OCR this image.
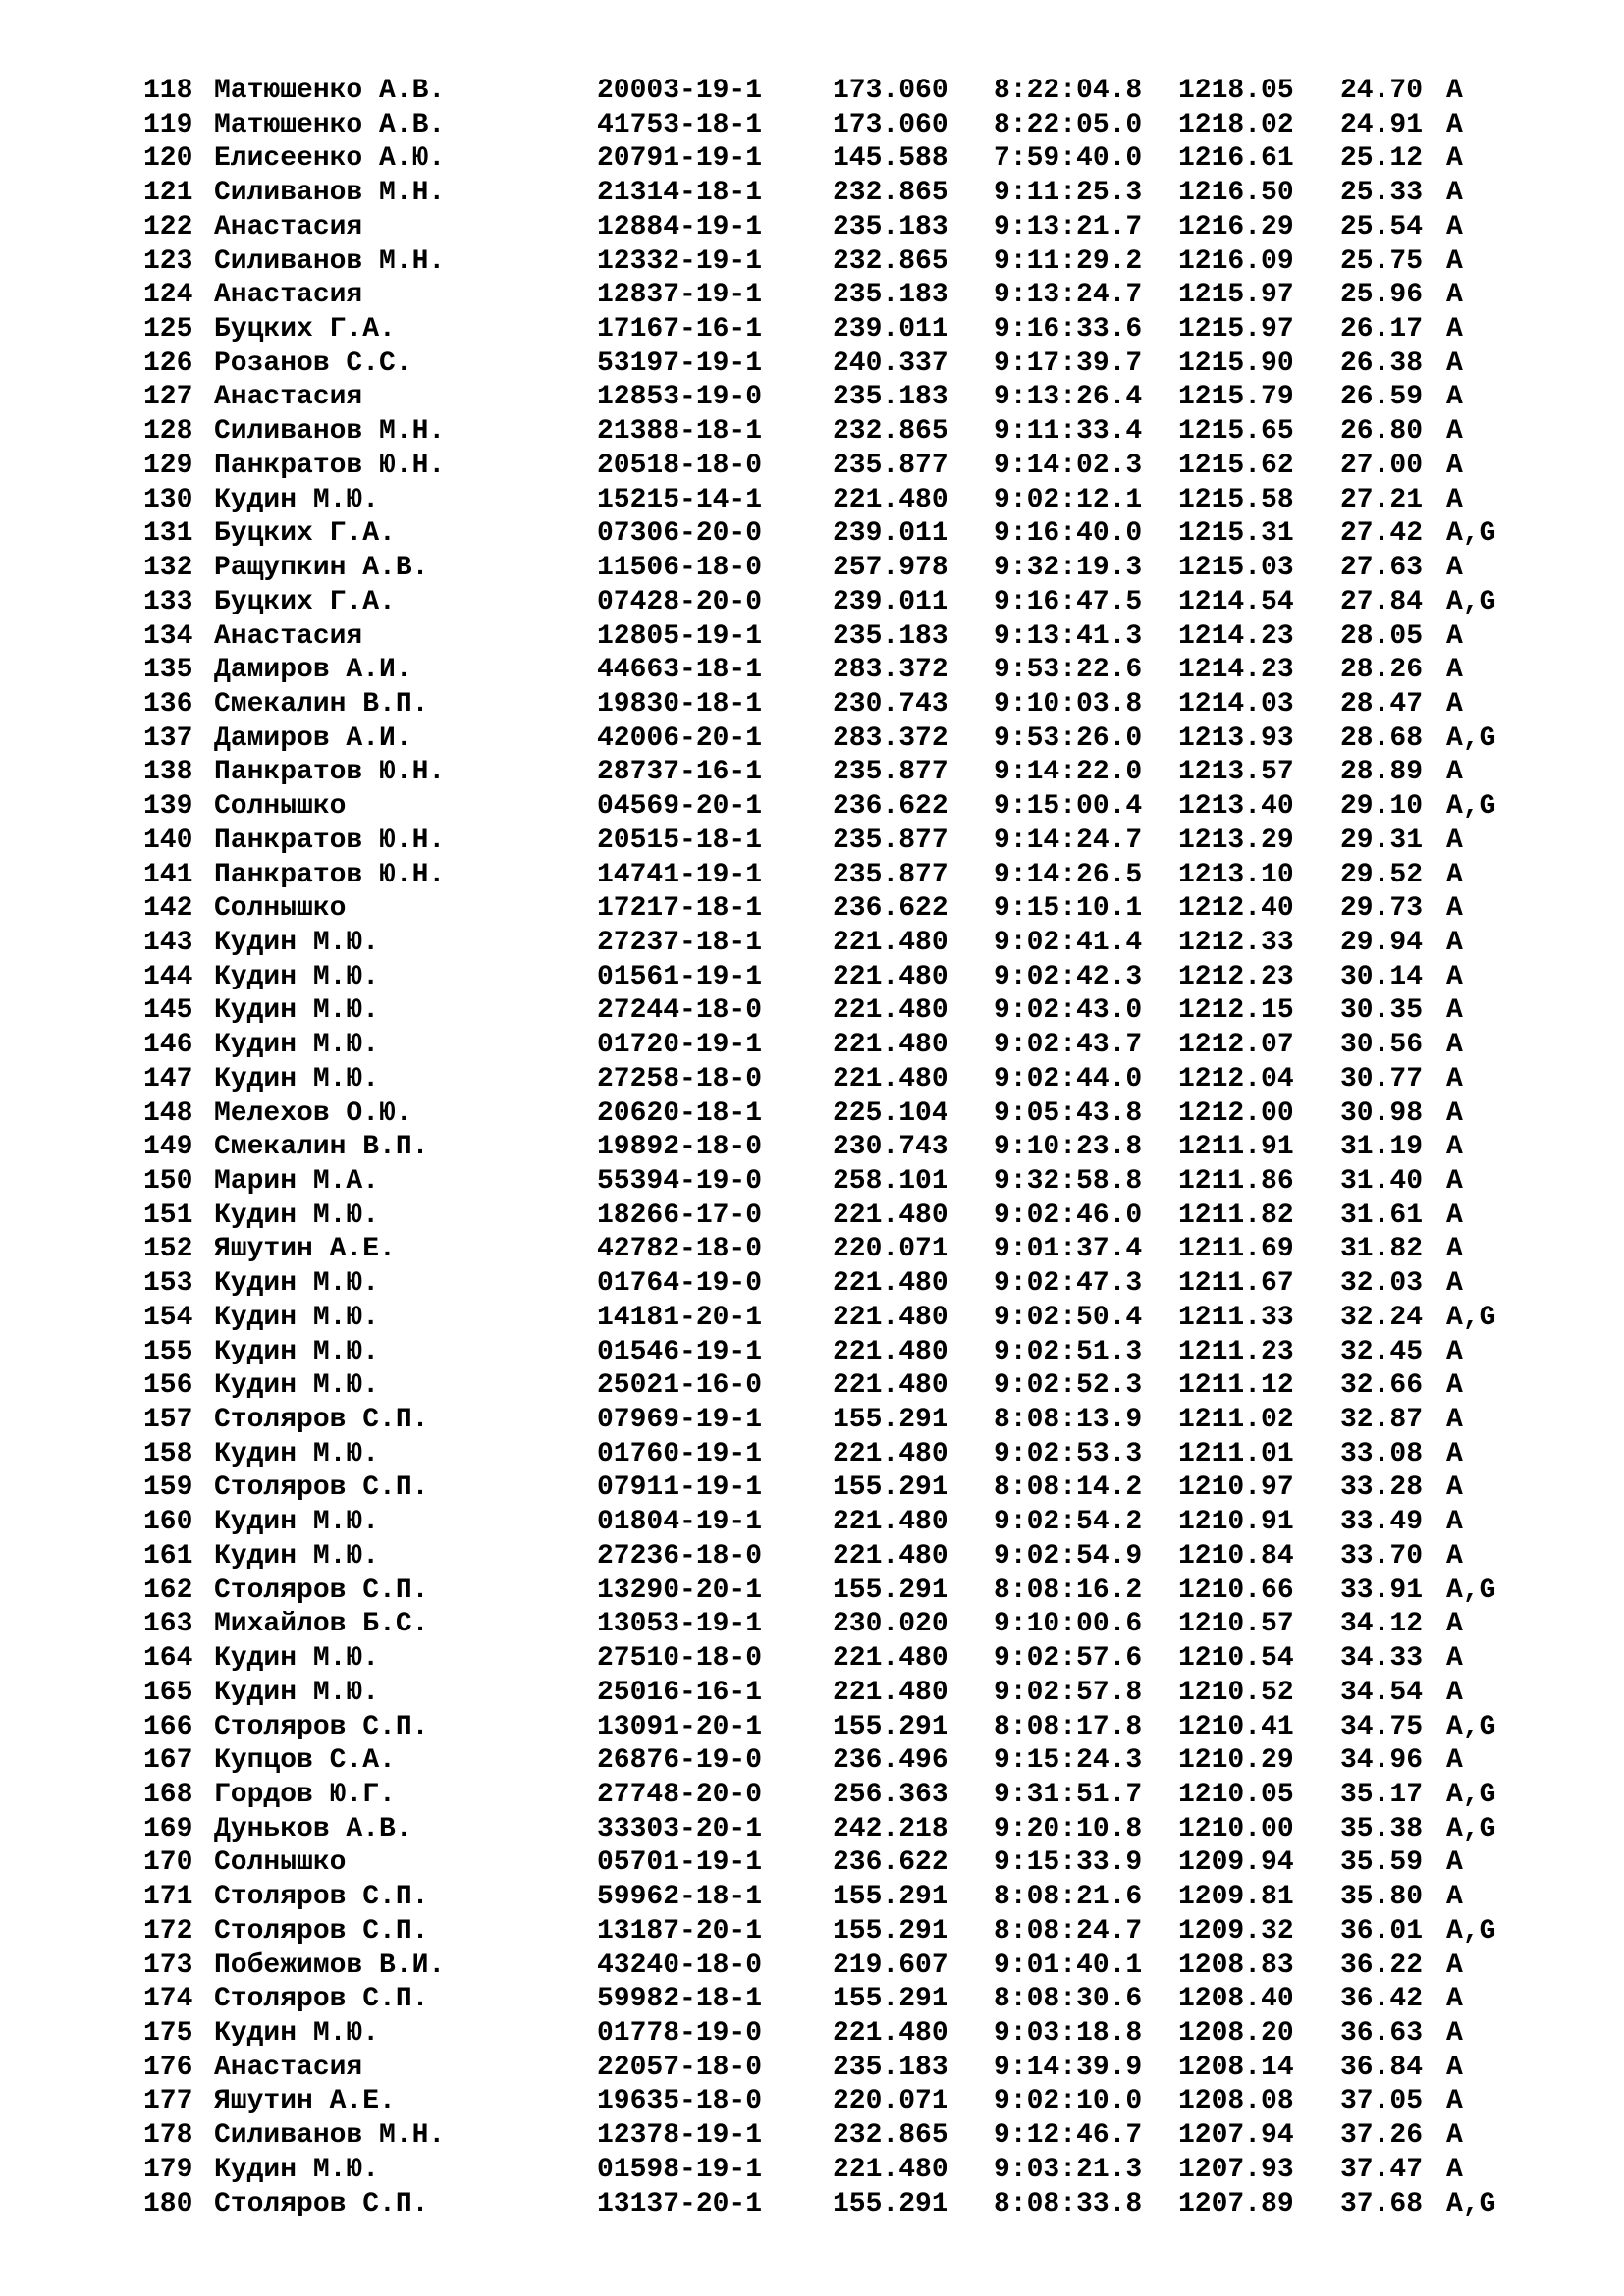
118 Матюшенко А.В.	20003-19-1	173.060 8:22:04.8 1218.05 24.70 A
119 Матюшенко А.В.	41753-18-1	173.060 8:22:05.0 1218.02 24.91 A
120 Елисеенко А.Ю.	20791-19-1	145.588 7:59:40.0 1216.61 25.12 A
121 Силиванов М.Н.	21314-18-1	232.865 9:11:25.3 1216.50 25.33 A
122 Анастасия	12884-19-1	235.183 9:13:21.7 1216.29 25.54 A
123 Силиванов М.Н.	12332-19-1	232.865 9:11:29.2 1216.09 25.75 A
124 Анастасия	12837-19-1	235.183 9:13:24.7 1215.97 25.96 A
125 Буцких Г.А.	17167-16-1	239.011 9:16:33.6 1215.97 26.17 A
126 Розанов С.С.	53197-19-1	240.337 9:17:39.7 1215.90 26.38 A
127 Анастасия	12853-19-0	235.183 9:13:26.4 1215.79 26.59 A
128 Силиванов М.Н.	21388-18-1	232.865 9:11:33.4 1215.65 26.80 A
129 Панкратов Ю.Н.	20518-18-0	235.877 9:14:02.3 1215.62 27.00 A
130 Кудин М.Ю.	15215-14-1	221.480 9:02:12.1 1215.58 27.21 A
131 Буцких Г.А.	07306-20-0	239.011 9:16:40.0 1215.31 27.42 A,G
132 Ращупкин А.В.	11506-18-0	257.978 9:32:19.3 1215.03 27.63 A
133 Буцких Г.А.	07428-20-0	239.011 9:16:47.5 1214.54 27.84 A,G
134 Анастасия	12805-19-1	235.183 9:13:41.3 1214.23 28.05 A
135 Дамиров А.И.	44663-18-1	283.372 9:53:22.6 1214.23 28.26 A
136 Смекалин В.П.	19830-18-1	230.743 9:10:03.8 1214.03 28.47 A
137 Дамиров А.И.	42006-20-1	283.372 9:53:26.0 1213.93 28.68 A,G
138 Панкратов Ю.Н.	28737-16-1	235.877 9:14:22.0 1213.57 28.89 A
139 Солнышко	04569-20-1	236.622 9:15:00.4 1213.40 29.10 A,G
140 Панкратов Ю.Н.	20515-18-1	235.877 9:14:24.7 1213.29 29.31 A
141 Панкратов Ю.Н.	14741-19-1	235.877 9:14:26.5 1213.10 29.52 A
142 Солнышко	17217-18-1	236.622 9:15:10.1 1212.40 29.73 A
143 Кудин М.Ю.	27237-18-1	221.480 9:02:41.4 1212.33 29.94 A
144 Кудин М.Ю.	01561-19-1	221.480 9:02:42.3 1212.23 30.14 A
145 Кудин М.Ю.	27244-18-0	221.480 9:02:43.0 1212.15 30.35 A
146 Кудин М.Ю.	01720-19-1	221.480 9:02:43.7 1212.07 30.56 A
147 Кудин М.Ю.	27258-18-0	221.480 9:02:44.0 1212.04 30.77 A
148 Мелехов О.Ю.	20620-18-1	225.104 9:05:43.8 1212.00 30.98 A
149 Смекалин В.П.	19892-18-0	230.743 9:10:23.8 1211.91 31.19 A
150 Марин М.А.	55394-19-0	258.101 9:32:58.8 1211.86 31.40 A
151 Кудин М.Ю.	18266-17-0	221.480 9:02:46.0 1211.82 31.61 A
152 Яшутин А.Е.	42782-18-0	220.071 9:01:37.4 1211.69 31.82 A
153 Кудин М.Ю.	01764-19-0	221.480 9:02:47.3 1211.67 32.03 A
154 Кудин М.Ю.	14181-20-1	221.480 9:02:50.4 1211.33 32.24 A,G
155 Кудин М.Ю.	01546-19-1	221.480 9:02:51.3 1211.23 32.45 A
156 Кудин М.Ю.	25021-16-0	221.480 9:02:52.3 1211.12 32.66 A
157 Столяров С.П.	07969-19-1	155.291 8:08:13.9 1211.02 32.87 A
158 Кудин М.Ю.	01760-19-1	221.480 9:02:53.3 1211.01 33.08 A
159 Столяров С.П.	07911-19-1	155.291 8:08:14.2 1210.97 33.28 A
160 Кудин М.Ю.	01804-19-1	221.480 9:02:54.2 1210.91 33.49 A
161 Кудин М.Ю.	27236-18-0	221.480 9:02:54.9 1210.84 33.70 A
162 Столяров С.П.	13290-20-1	155.291 8:08:16.2 1210.66 33.91 A,G
163 Михайлов Б.С.	13053-19-1	230.020 9:10:00.6 1210.57 34.12 A
164 Кудин М.Ю.	27510-18-0	221.480 9:02:57.6 1210.54 34.33 A
165 Кудин М.Ю.	25016-16-1	221.480 9:02:57.8 1210.52 34.54 A
166 Столяров С.П.	13091-20-1	155.291 8:08:17.8 1210.41 34.75 A,G
167 Купцов С.А.	26876-19-0	236.496 9:15:24.3 1210.29 34.96 A
168 Гордов Ю.Г.	27748-20-0	256.363 9:31:51.7 1210.05 35.17 A,G
169 Дуньков А.В.	33303-20-1	242.218 9:20:10.8 1210.00 35.38 A,G
170 Солнышко	05701-19-1	236.622 9:15:33.9 1209.94 35.59 A
171 Столяров С.П.	59962-18-1	155.291 8:08:21.6 1209.81 35.80 A
172 Столяров С.П.	13187-20-1	155.291 8:08:24.7 1209.32 36.01 A,G
173 Побежимов В.И.	43240-18-0	219.607 9:01:40.1 1208.83 36.22 A
174 Столяров С.П.	59982-18-1	155.291 8:08:30.6 1208.40 36.42 A
175 Кудин М.Ю.	01778-19-0	221.480 9:03:18.8 1208.20 36.63 A
176 Анастасия	22057-18-0	235.183 9:14:39.9 1208.14 36.84 A
177 Яшутин А.Е.	19635-18-0	220.071 9:02:10.0 1208.08 37.05 A
178 Силиванов М.Н.	12378-19-1	232.865 9:12:46.7 1207.94 37.26 A
179 Кудин М.Ю.	01598-19-1	221.480 9:03:21.3 1207.93 37.47 A
180 Столяров С.П.	13137-20-1	155.291 8:08:33.8 1207.89 37.68 A,G
